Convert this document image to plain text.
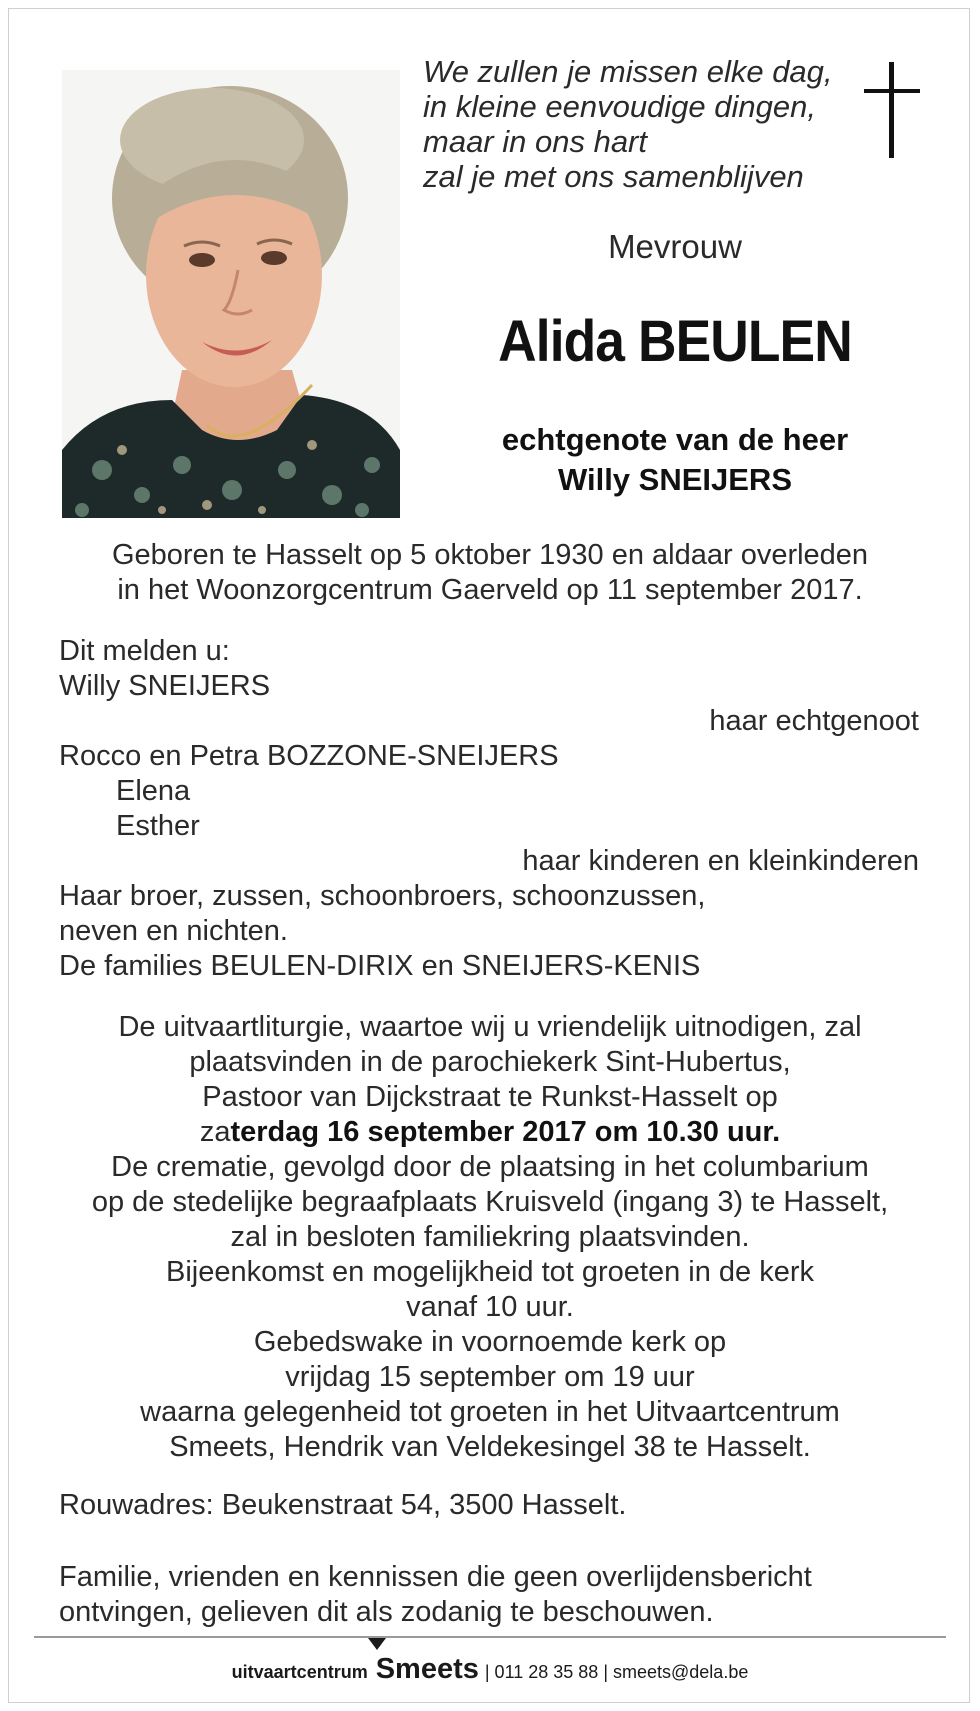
We zullen je missen elke dag,
in kleine eenvoudige dingen,
maar in ons hart
zal je met ons samenblijven
Mevrouw
Alida BEULEN
echtgenote van de heer
Willy SNEIJERS
Geboren te Hasselt op 5 oktober 1930 en aldaar overleden
in het Woonzorgcentrum Gaerveld op 11 september 2017.
Dit melden u:
Willy SNEIJERS
haar echtgenoot
Rocco en Petra BOZZONE-SNEIJERS
Elena
Esther
haar kinderen en kleinkinderen
Haar broer, zussen, schoonbroers, schoonzussen,
neven en nichten.
De families BEULEN-DIRIX en SNEIJERS-KENIS
De uitvaartliturgie, waartoe wij u vriendelijk uitnodigen, zal
plaatsvinden in de parochiekerk Sint-Hubertus,
Pastoor van Dijckstraat te Runkst-Hasselt op
zaterdag 16 september 2017 om 10.30 uur.
De crematie, gevolgd door de plaatsing in het columbarium
op de stedelijke begraafplaats Kruisveld (ingang 3) te Hasselt,
zal in besloten familiekring plaatsvinden.
Bijeenkomst en mogelijkheid tot groeten in de kerk
vanaf 10 uur.
Gebedswake in voornoemde kerk op
vrijdag 15 september om 19 uur
waarna gelegenheid tot groeten in het Uitvaartcentrum
Smeets, Hendrik van Veldekesingel 38 te Hasselt.
Rouwadres: Beukenstraat 54, 3500 Hasselt.
Familie, vrienden en kennissen die geen overlijdensbericht
ontvingen, gelieven dit als zodanig te beschouwen.
uitvaartcentrum Smeets | 011 28 35 88 | smeets@dela.be
